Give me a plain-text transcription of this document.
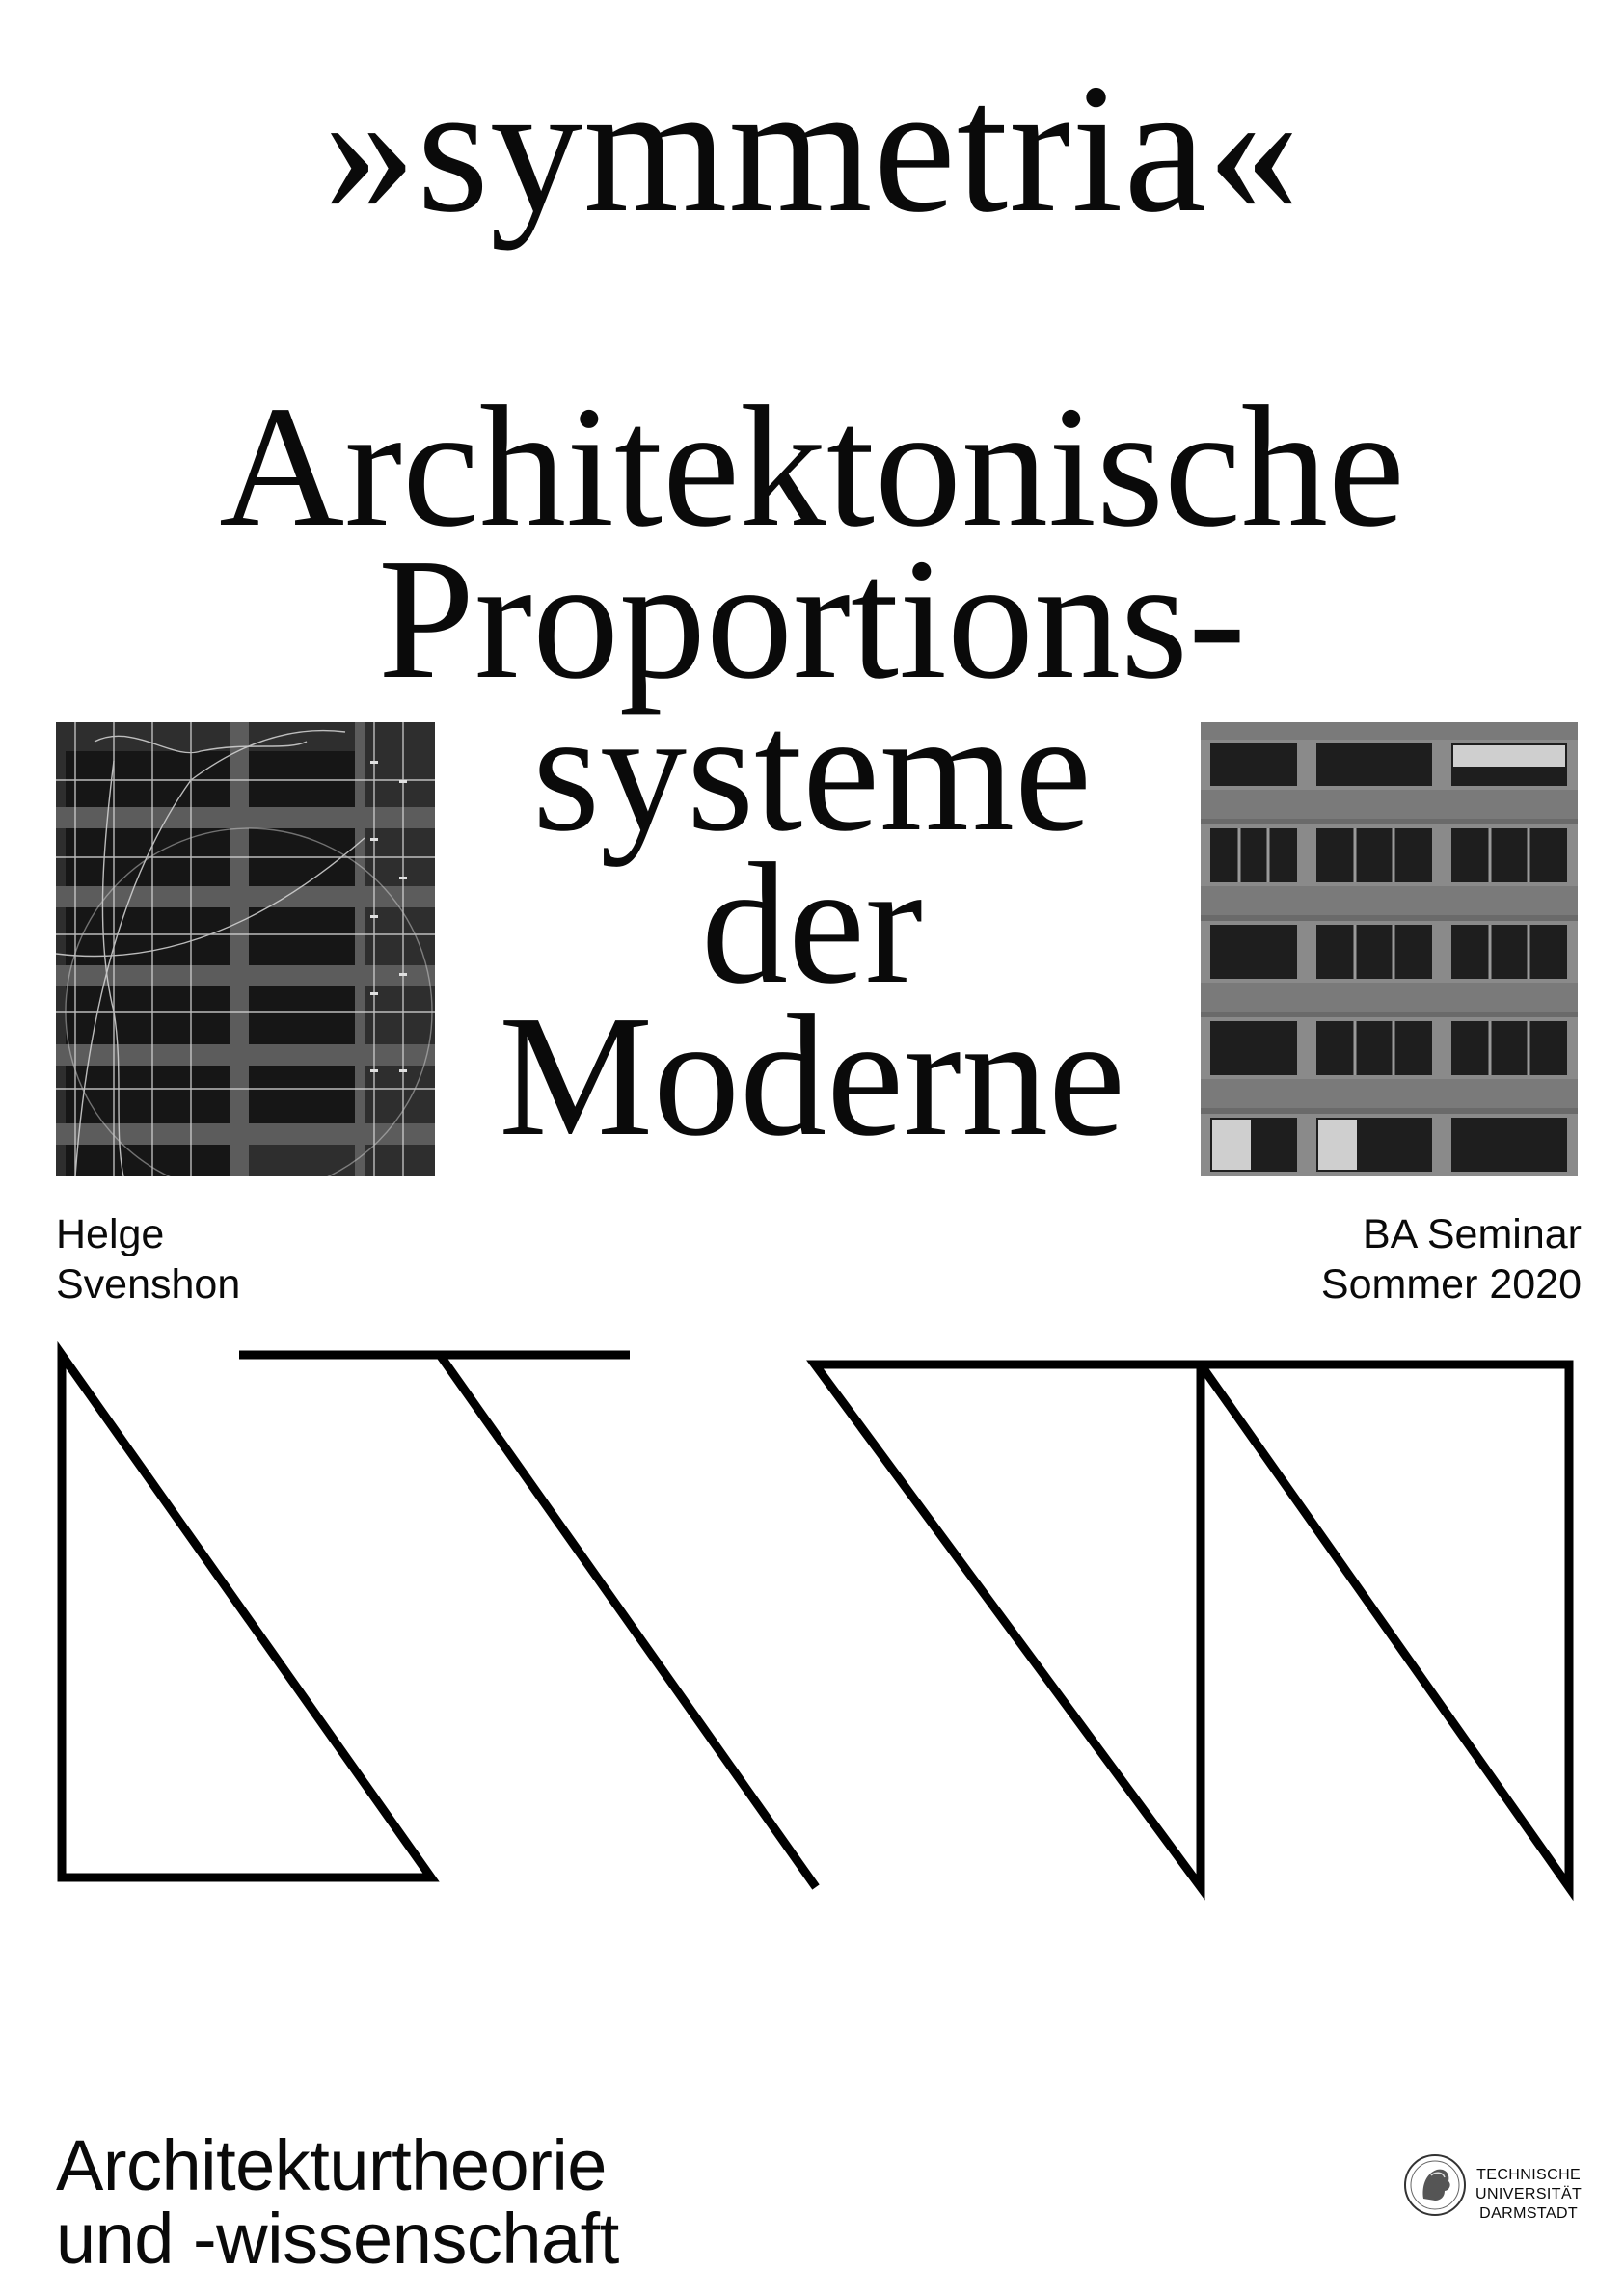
»symmetria«
Architektonische
Proportions-
systeme
der
Moderne
Helge
Svenshon
BA Seminar
Sommer 2020
Architekturtheorie
und -wissenschaft
TECHNISCHE
UNIVERSITÄT
DARMSTADT
